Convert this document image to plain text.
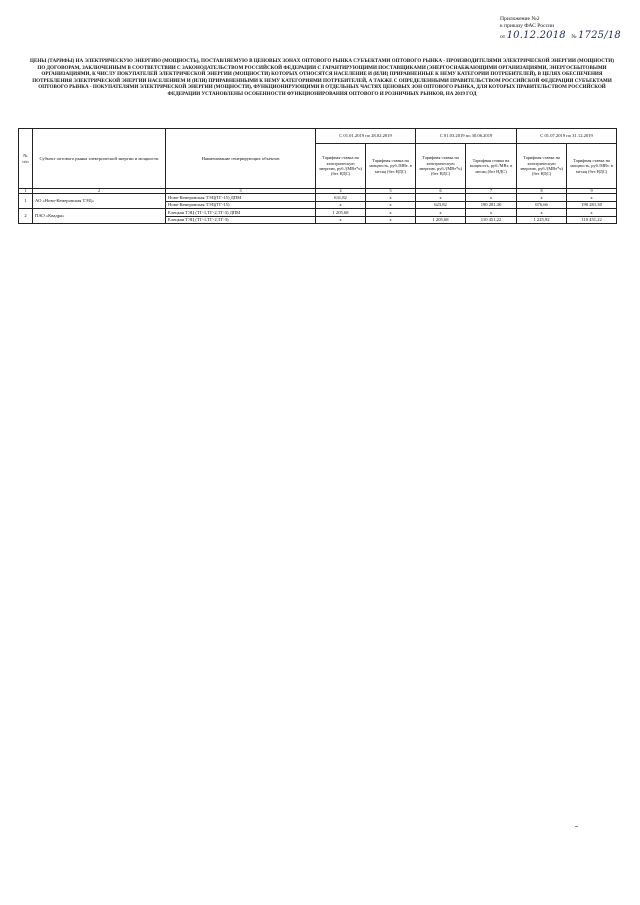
Приложение №2
к приказу ФАС России
от 10.12.2018 № 1725/18
ЦЕНЫ (ТАРИФЫ) НА ЭЛЕКТРИЧЕСКУЮ ЭНЕРГИЮ (МОЩНОСТЬ), ПОСТАВЛЯЕМУЮ В ЦЕНОВЫХ ЗОНАХ ОПТОВОГО РЫНКА СУБЪЕКТАМИ ОПТОВОГО РЫНКА - ПРОИЗВОДИТЕЛЯМИ ЭЛЕКТРИЧЕСКОЙ ЭНЕРГИИ (МОЩНОСТИ) ПО ДОГОВОРАМ, ЗАКЛЮЧЕННЫМ В СООТВЕТСТВИИ С ЗАКОНОДАТЕЛЬСТВОМ РОССИЙСКОЙ ФЕДЕРАЦИИ С ГАРАНТИРУЮЩИМИ ПОСТАВЩИКАМИ (ЭНЕРГОСНАБЖАЮЩИМИ ОРГАНИЗАЦИЯМИ, ЭНЕРГОСБЫТОВЫМИ ОРГАНИЗАЦИЯМИ, К ЧИСЛУ ПОКУПАТЕЛЕЙ ЭЛЕКТРИЧЕСКОЙ ЭНЕРГИИ (МОЩНОСТИ) КОТОРЫХ ОТНОСЯТСЯ НАСЕЛЕНИЕ И (ИЛИ) ПРИРАВНЕННЫЕ К НЕМУ КАТЕГОРИИ ПОТРЕБИТЕЛЕЙ), В ЦЕЛЯХ ОБЕСПЕЧЕНИЯ ПОТРЕБЛЕНИЯ ЭЛЕКТРИЧЕСКОЙ ЭНЕРГИИ НАСЕЛЕНИЕМ И (ИЛИ) ПРИРАВНЕННЫМИ К НЕМУ КАТЕГОРИЯМИ ПОТРЕБИТЕЛЕЙ, А ТАКЖЕ С ОПРЕДЕЛЕННЫМИ ПРАВИТЕЛЬСТВОМ РОССИЙСКОЙ ФЕДЕРАЦИИ СУБЪЕКТАМИ ОПТОВОГО РЫНКА - ПОКУПАТЕЛЯМИ ЭЛЕКТРИЧЕСКОЙ ЭНЕРГИИ (МОЩНОСТИ), ФУНКЦИОНИРУЮЩИМИ В ОТДЕЛЬНЫХ ЧАСТЯХ ЦЕНОВЫХ ЗОН ОПТОВОГО РЫНКА, ДЛЯ КОТОРЫХ ПРАВИТЕЛЬСТВОМ РОССИЙСКОЙ ФЕДЕРАЦИИ УСТАНОВЛЕНЫ ОСОБЕННОСТИ ФУНКЦИОНИРОВАНИЯ ОПТОВОГО И РОЗНИЧНЫХ РЫНКОВ, НА 2019 ГОД
№ п/п	Субъект оптового рынка электрической энергии и мощности	Наименование генерирующих объектов	С 01.01.2019 по 28.02.2019		С 01.03.2019 по 30.06.2019		С 01.07.2019 по 31.12.2019	
			Тарифная ставка на электрическую энергию, руб./(МВт*ч) (без НДС)	Тарифная ставка на мощность, руб./МВт. в месяц (без НДС)	Тарифная ставка на электрическую энергию, руб./(МВт*ч) (без НДС)	Тарифная ставка на мощность, руб./МВт. в месяц (без НДС)	Тарифная ставка на электрическую энергию, руб./(МВт*ч) (без НДС)	Тарифная ставка на мощность, руб./МВт. в месяц (без НДС)
1	2	3	4	5	6	7	8	9
1	АО «Ново-Кемеровская ТЭЦ»	Ново-Кемеровская ТЭЦ(ТГ-15) ДПМ	631,82	x	x	x	x	x
		Ново-Кемеровская ТЭЦ(ТГ-15)	x	x	623,82	190 281,30	676,66	190 281,30
2	ПАО «Квадра»	Елецкая ТЭЦ (ТГ-1,ТГ-2,ТГ-3) ДПМ	1 205,68	x	x	x	x	x
		Елецкая ТЭЦ (ТГ-1,ТГ-2,ТГ-3)	x	x	1 205,68	110 451,22	1 225,92	110 451,22
